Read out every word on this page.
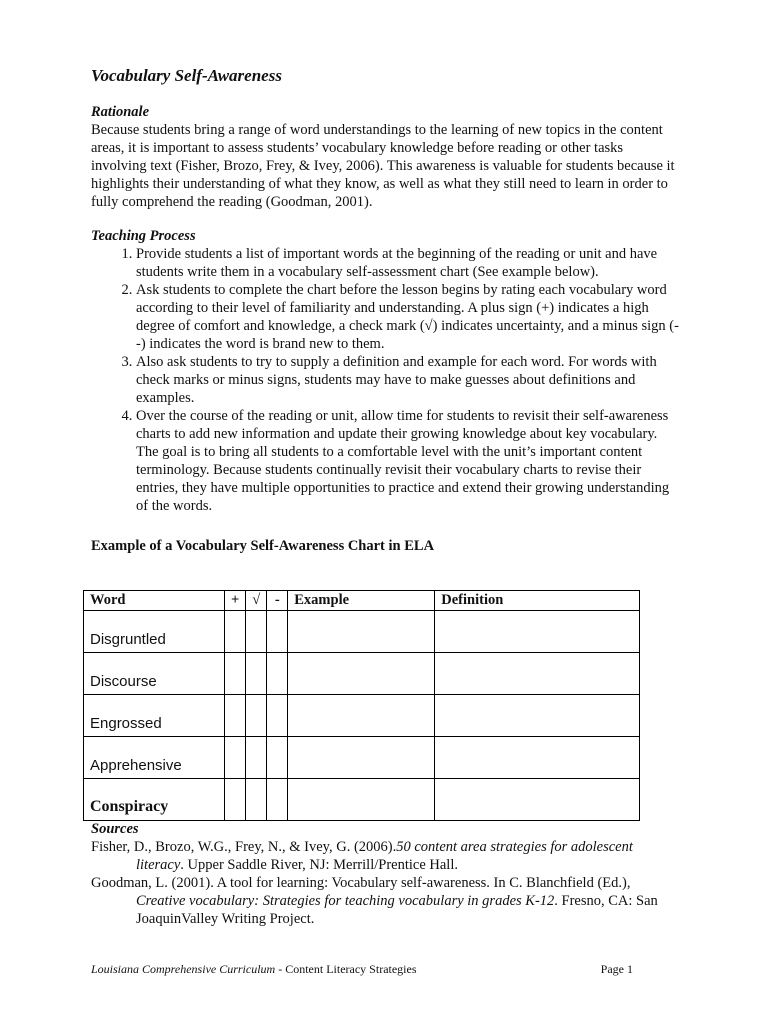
Vocabulary Self-Awareness
Rationale

Because students bring a range of word understandings to the learning of new topics in the content areas, it is important to assess students’ vocabulary knowledge before reading or other tasks involving text (Fisher, Brozo, Frey, & Ivey, 2006). This awareness is valuable for students because it highlights their understanding of what they know, as well as what they still need to learn in order to fully comprehend the reading (Goodman, 2001).

Teaching Process
1. Provide students a list of important words at the beginning of the reading or unit and have students write them in a vocabulary self-assessment chart (See example below).
2. Ask students to complete the chart before the lesson begins by rating each vocabulary word according to their level of familiarity and understanding. A plus sign (+) indicates a high degree of comfort and knowledge, a check mark (√) indicates uncertainty, and a minus sign (--) indicates the word is brand new to them.
3. Also ask students to try to supply a definition and example for each word. For words with check marks or minus signs, students may have to make guesses about definitions and examples.
4. Over the course of the reading or unit, allow time for students to revisit their self-awareness charts to add new information and update their growing knowledge about key vocabulary. The goal is to bring all students to a comfortable level with the unit’s important content terminology. Because students continually revisit their vocabulary charts to revise their entries, they have multiple opportunities to practice and extend their growing understanding of the words.
Example of a Vocabulary Self-Awareness Chart in ELA
Word	+	√	-	Example	Definition
Disgruntled					
Discourse					
Engrossed					
Apprehensive					
Conspiracy					
Sources

Fisher, D., Brozo, W.G., Frey, N., & Ivey, G. (2006).50 content area strategies for adolescent literacy. Upper Saddle River, NJ: Merrill/Prentice Hall.

Goodman, L. (2001). A tool for learning: Vocabulary self-awareness. In C. Blanchfield (Ed.), Creative vocabulary: Strategies for teaching vocabulary in grades K-12. Fresno, CA: San JoaquinValley Writing Project.

Louisiana Comprehensive Curriculum - Content Literacy Strategies	Page 1
